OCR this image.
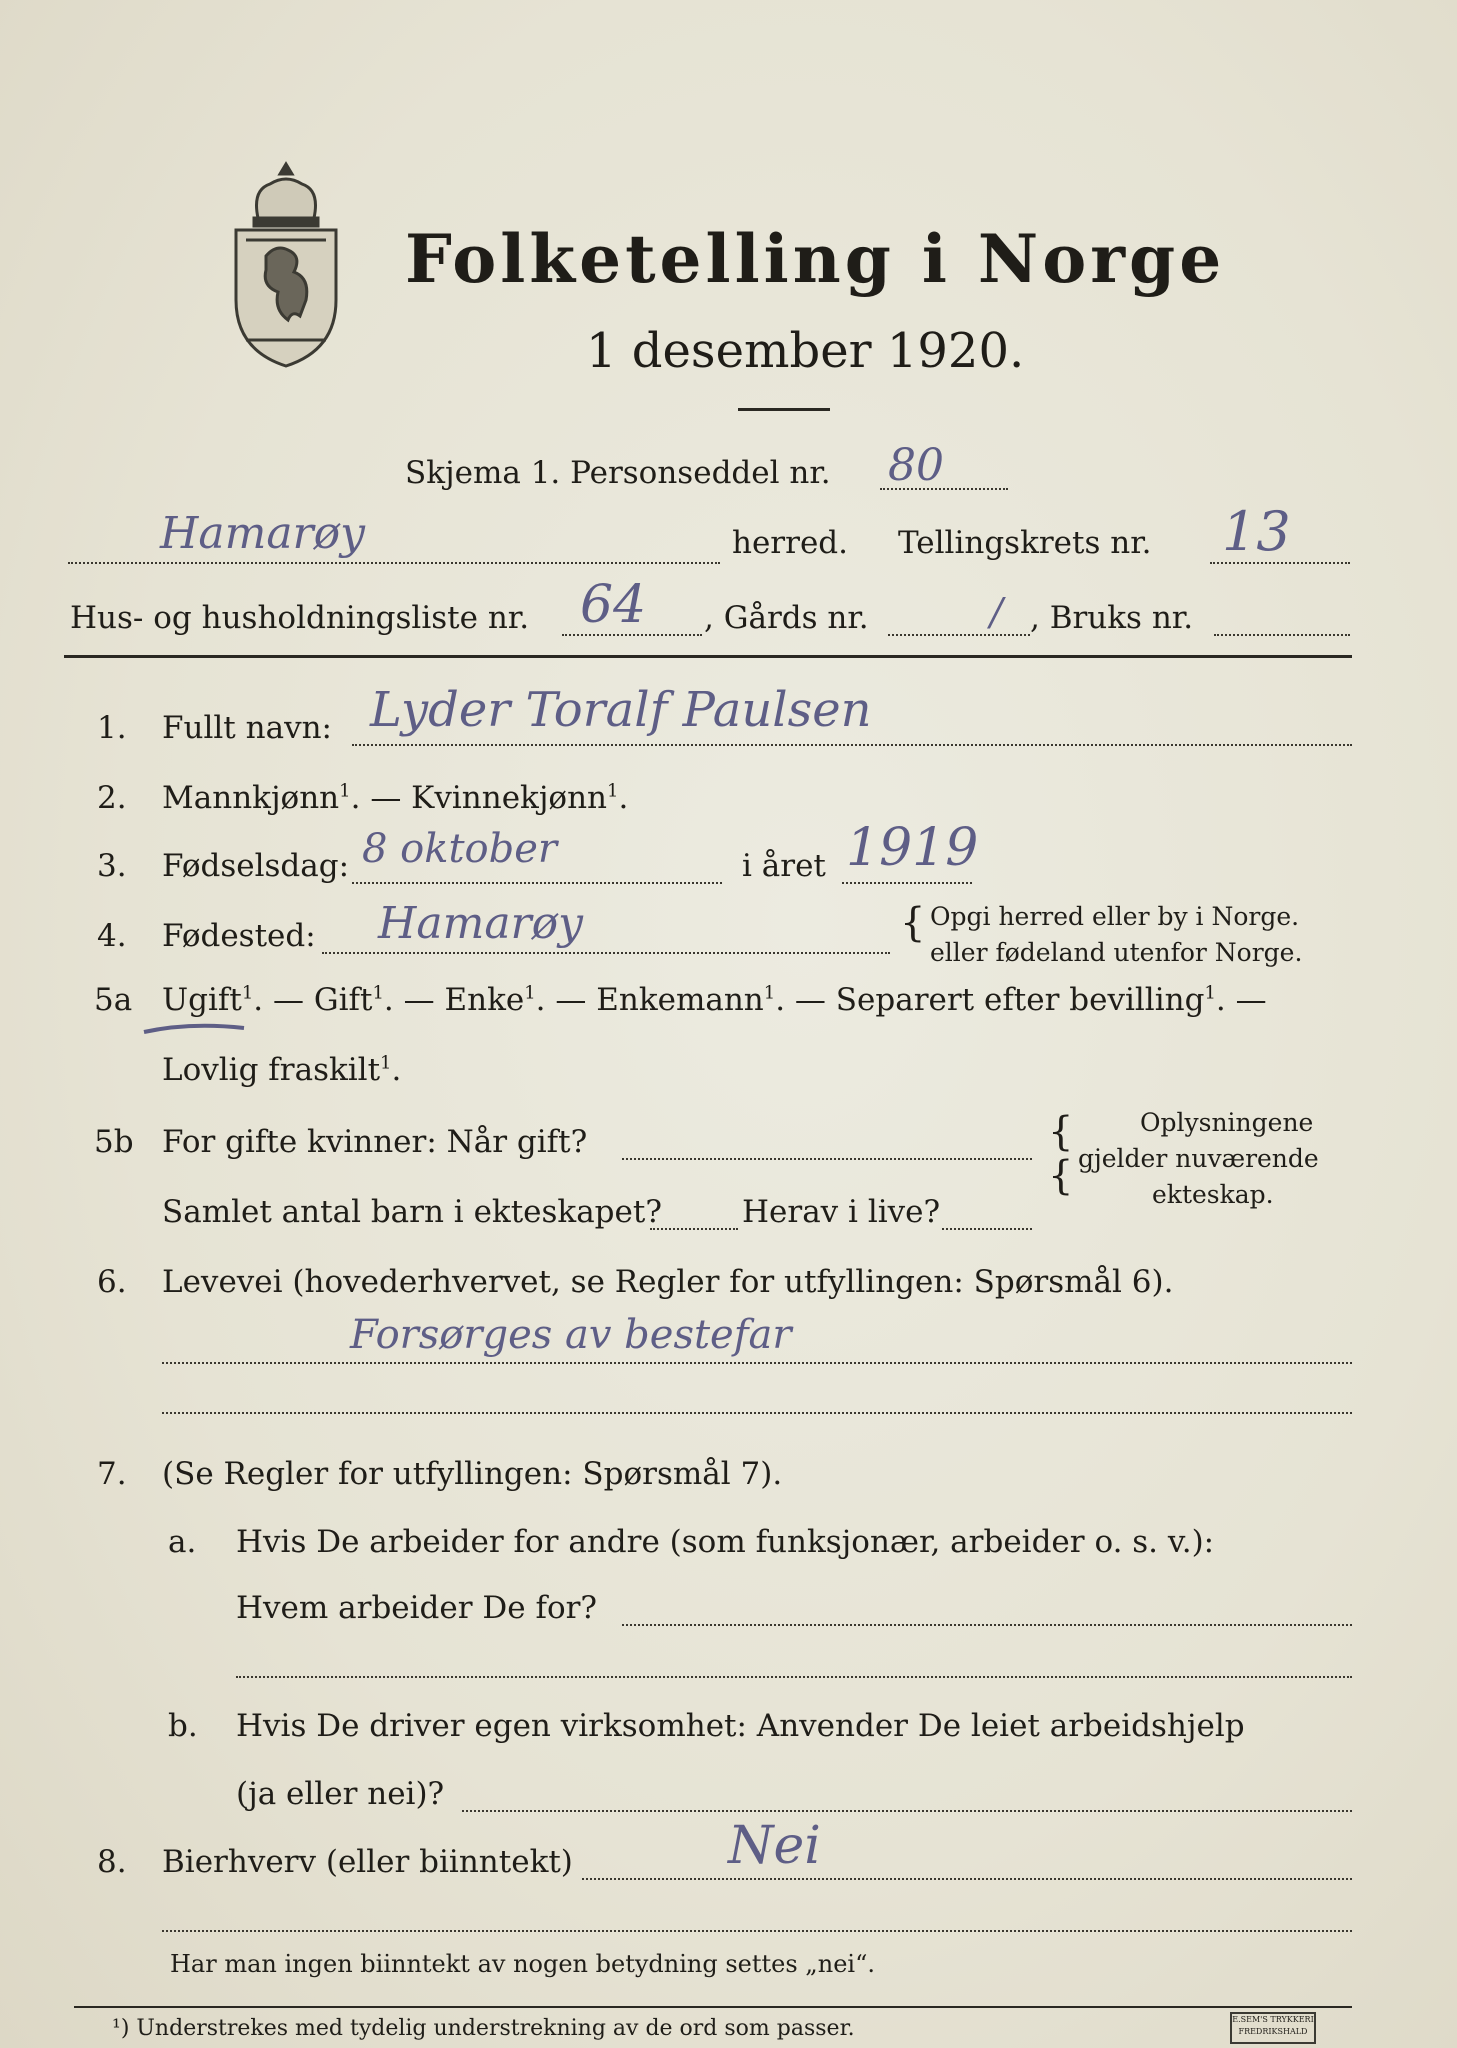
Folketelling i Norge
1 desember 1920.
Skjema 1. Personseddel nr. 80
Hamarøy	herred. Tellingskrets nr. 13
Hus- og husholdningsliste nr. 64 , Gårds nr.	/ , Bruks nr.
1. Fullt navn: Lyder Toralf Paulsen
2. Mannkjønn$^1$. — Kvinnekjønn$^1$.
3. Fødselsdag: 8 oktober	i året 1919
4. Fødested: Hamarøy	{ Opgi herred eller by i Norge.
eller fødeland utenfor Norge.
5a Ugift$^1$. — Gift$^1$. — Enke$^1$. — Enkemann$^1$. — Separert efter bevilling$^1$. —
Lovlig fraskilt$^1$.
5b For gifte kvinner: Når gift?
Samlet antal barn i ekteskapet?	Herav i live?
{
{
Oplysningene
gjelder nuværende
ekteskap.
6. Levevei (hovederhvervet, se Regler for utfyllingen: Spørsmål 6).
Forsørges av bestefar
7. (Se Regler for utfyllingen: Spørsmål 7).
a. Hvis De arbeider for andre (som funksjonær, arbeider o. s. v.):
Hvem arbeider De for?
b. Hvis De driver egen virksomhet: Anvender De leiet arbeidshjelp
(ja eller nei)?
8. Bierhverv (eller biinntekt)	Nei
Har man ingen biinntekt av nogen betydning settes „nei“.
¹) Understrekes med tydelig understrekning av de ord som passer.	E.SEM'S TRYKKERI FREDRIKSHALD
